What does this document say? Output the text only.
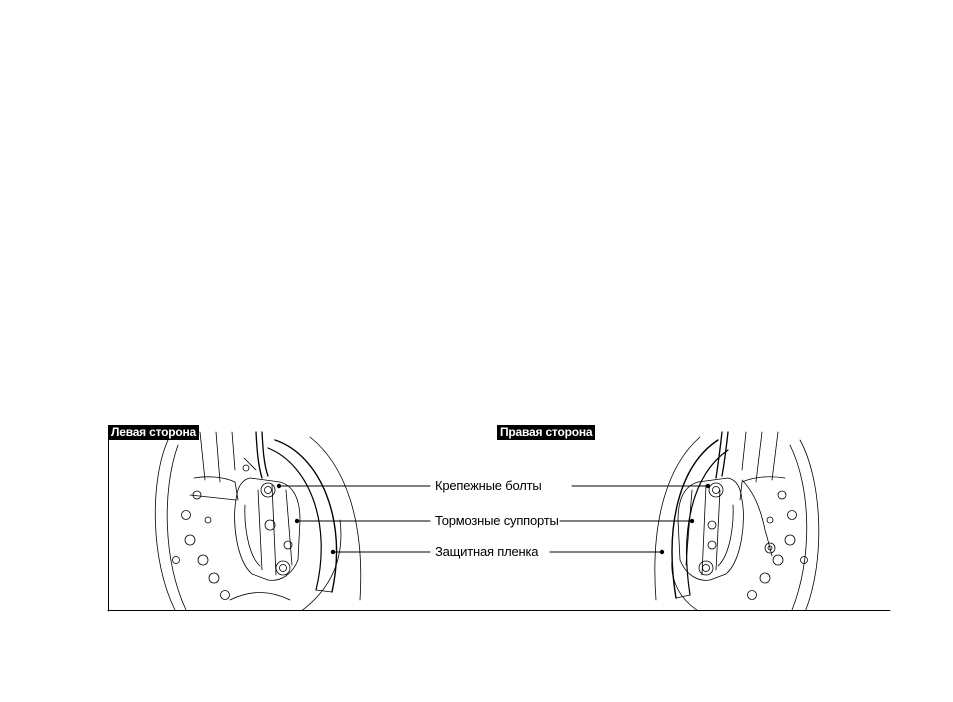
Левая сторона	Правая сторона
Крепежные болты
Тормозные суппорты
Защитная пленка
